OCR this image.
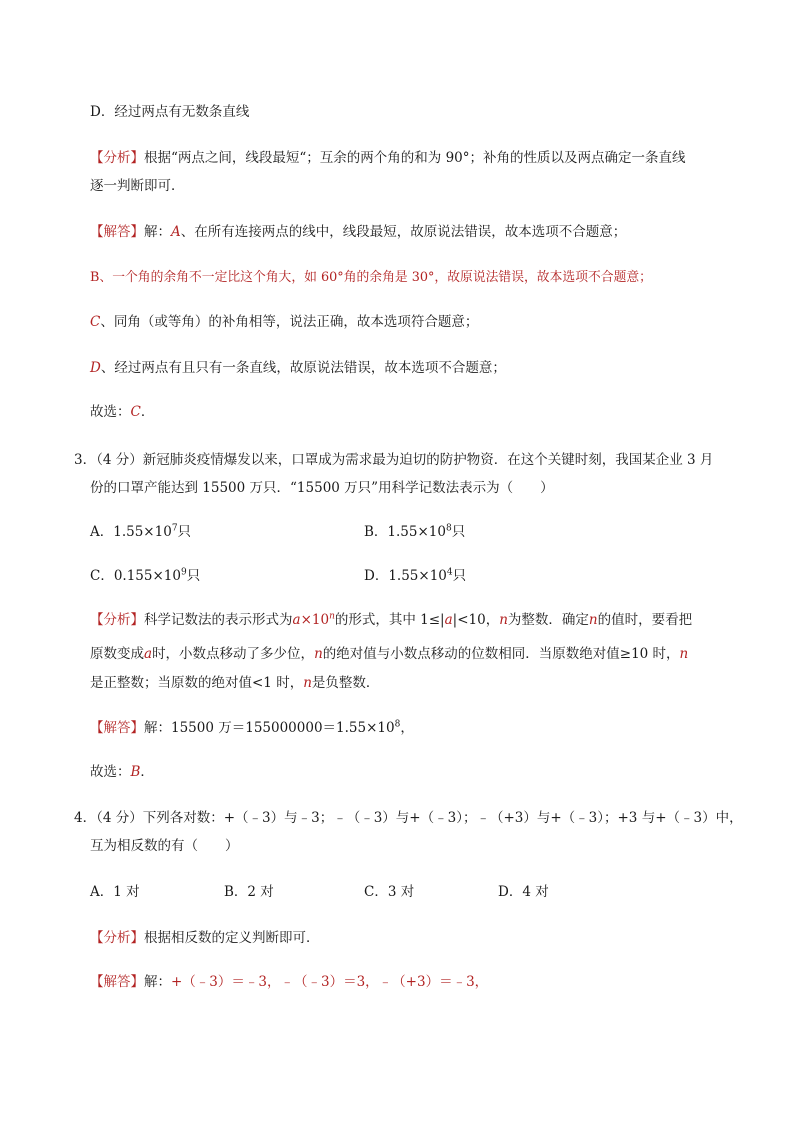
D．经过两点有无数条直线
【分析】根据“两点之间，线段最短“；互余的两个角的和为 90°；补角的性质以及两点确定一条直线
逐一判断即可．
【解答】解：A、在所有连接两点的线中，线段最短，故原说法错误，故本选项不合题意；
B、一个角的余角不一定比这个角大，如 60°角的余角是 30°，故原说法错误，故本选项不合题意；
C、同角（或等角）的补角相等，说法正确，故本选项符合题意；
D、经过两点有且只有一条直线，故原说法错误，故本选项不合题意；
故选：C．
3．（4 分）新冠肺炎疫情爆发以来，口罩成为需求最为迫切的防护物资．在这个关键时刻，我国某企业 3 月
份的口罩产能达到 15500 万只．“15500 万只”用科学记数法表示为（　　）
A．$1.55\times 10^7$只	B．$1.55\times 10^8$只
C．$0.155\times 10^9$只	D．$1.55\times 10^4$只
【分析】科学记数法的表示形式为$a\times 10^n$的形式，其中 1≤|a|<10，n为整数．确定n的值时，要看把
原数变成a时，小数点移动了多少位，n的绝对值与小数点移动的位数相同．当原数绝对值≥10 时，n
是正整数；当原数的绝对值<1 时，n是负整数．
【解答】解：15500 万$=155000000=1.55\times 10^8$，
故选：B．
4．（4 分）下列各对数：+（﹣3）与﹣3；﹣（﹣3）与+（﹣3）；﹣（+3）与+（﹣3）；+3 与+（﹣3）中，
互为相反数的有（　　）
A．1 对	B．2 对	C．3 对	D．4 对
【分析】根据相反数的定义判断即可．
【解答】解：+（﹣3）＝﹣3，﹣（﹣3）＝3，﹣（+3）＝﹣3，
